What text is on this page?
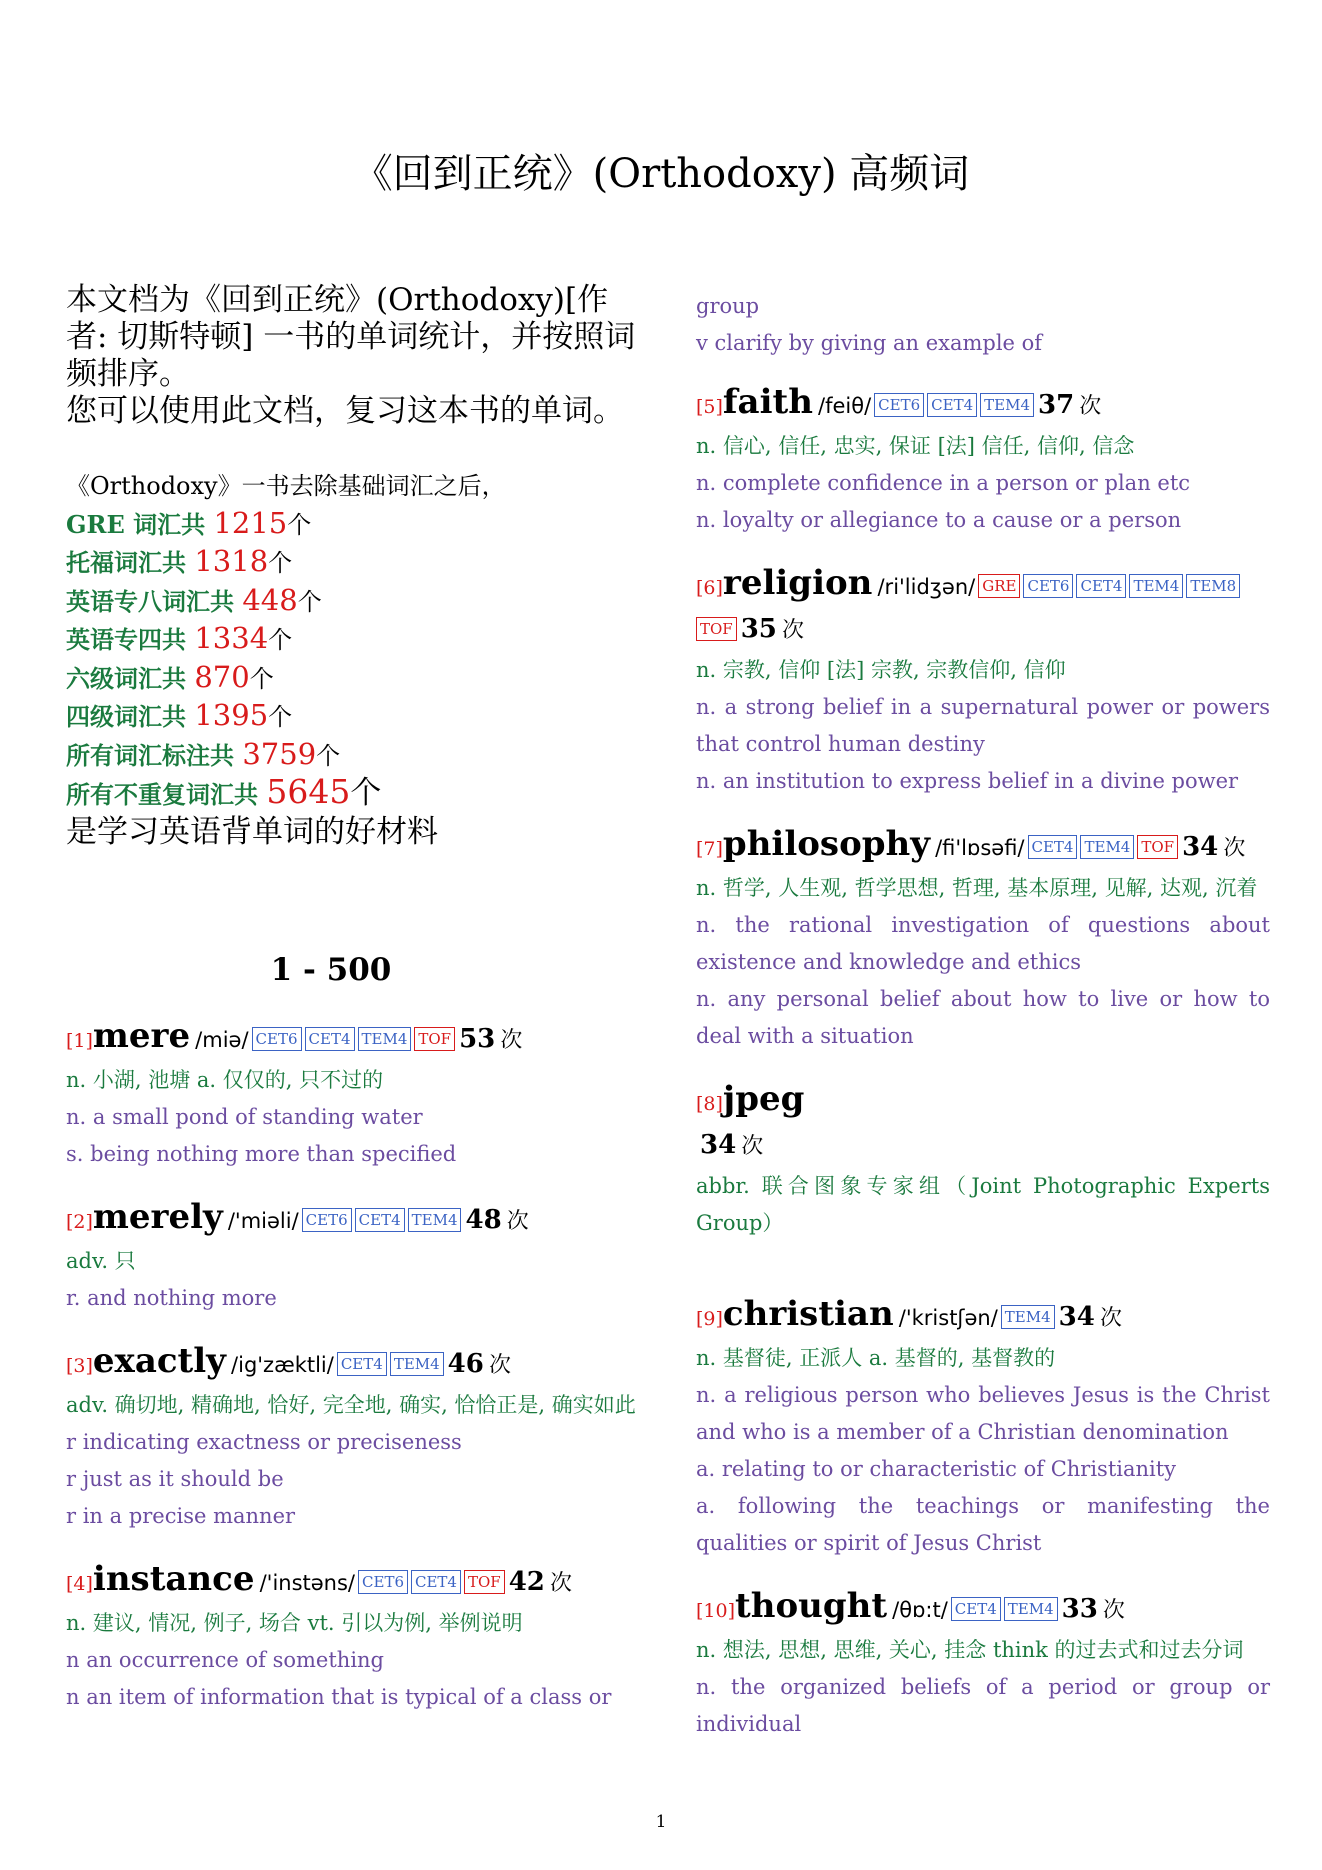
《回到正统》(Orthodoxy) 高频词
本文档为《回到正统》(Orthodoxy)[作者: 切斯特顿] 一书的单词统计，并按照词频排序。
您可以使用此文档，复习这本书的单词。
《Orthodoxy》一书去除基础词汇之后，
GRE 词汇共 1215个
托福词汇共 1318个
英语专八词汇共 448个
英语专四共 1334个
六级词汇共 870个
四级词汇共 1395个
所有词汇标注共 3759个
所有不重复词汇共 5645个
是学习英语背单词的好材料
1 - 500
[1]mere /miə/ CET6 CET4 TEM4 TOF 53 次
n. 小湖, 池塘 a. 仅仅的, 只不过的
n. a small pond of standing water
s. being nothing more than specified
[2]merely /'miəli/ CET6 CET4 TEM4 48 次
adv. 只
r. and nothing more
[3]exactly /ig'zæktli/ CET4 TEM4 46 次
adv. 确切地, 精确地, 恰好, 完全地, 确实, 恰恰正是, 确实如此
r indicating exactness or preciseness
r just as it should be
r in a precise manner
[4]instance /'instəns/ CET6 CET4 TOF 42 次
n. 建议, 情况, 例子, 场合 vt. 引以为例, 举例说明
n an occurrence of something
n an item of information that is typical of a class or
group
v clarify by giving an example of
[5]faith /feiθ/ CET6 CET4 TEM4 37 次
n. 信心, 信任, 忠实, 保证 [法] 信任, 信仰, 信念
n. complete confidence in a person or plan etc
n. loyalty or allegiance to a cause or a person
[6]religion /ri'lidʒən/ GRE CET6 CET4 TEM4 TEM8
TOF 35 次
n. 宗教, 信仰 [法] 宗教, 宗教信仰, 信仰
n. a strong belief in a supernatural power or powers that control human destiny
n. an institution to express belief in a divine power
[7]philosophy /fi'lɒsəfi/ CET4 TEM4 TOF 34 次
n. 哲学, 人生观, 哲学思想, 哲理, 基本原理, 见解, 达观, 沉着
n. the rational investigation of questions about existence and knowledge and ethics
n. any personal belief about how to live or how to deal with a situation
[8]jpeg
34 次
abbr. 联合图象专家组（Joint Photographic Experts Group）
[9]christian /'kristʃən/ TEM4 34 次
n. 基督徒, 正派人 a. 基督的, 基督教的
n. a religious person who believes Jesus is the Christ and who is a member of a Christian denomination
a. relating to or characteristic of Christianity
a. following the teachings or manifesting the qualities or spirit of Jesus Christ
[10]thought /θɒ:t/ CET4 TEM4 33 次
n. 想法, 思想, 思维, 关心, 挂念 think 的过去式和过去分词
n. the organized beliefs of a period or group or individual
1
